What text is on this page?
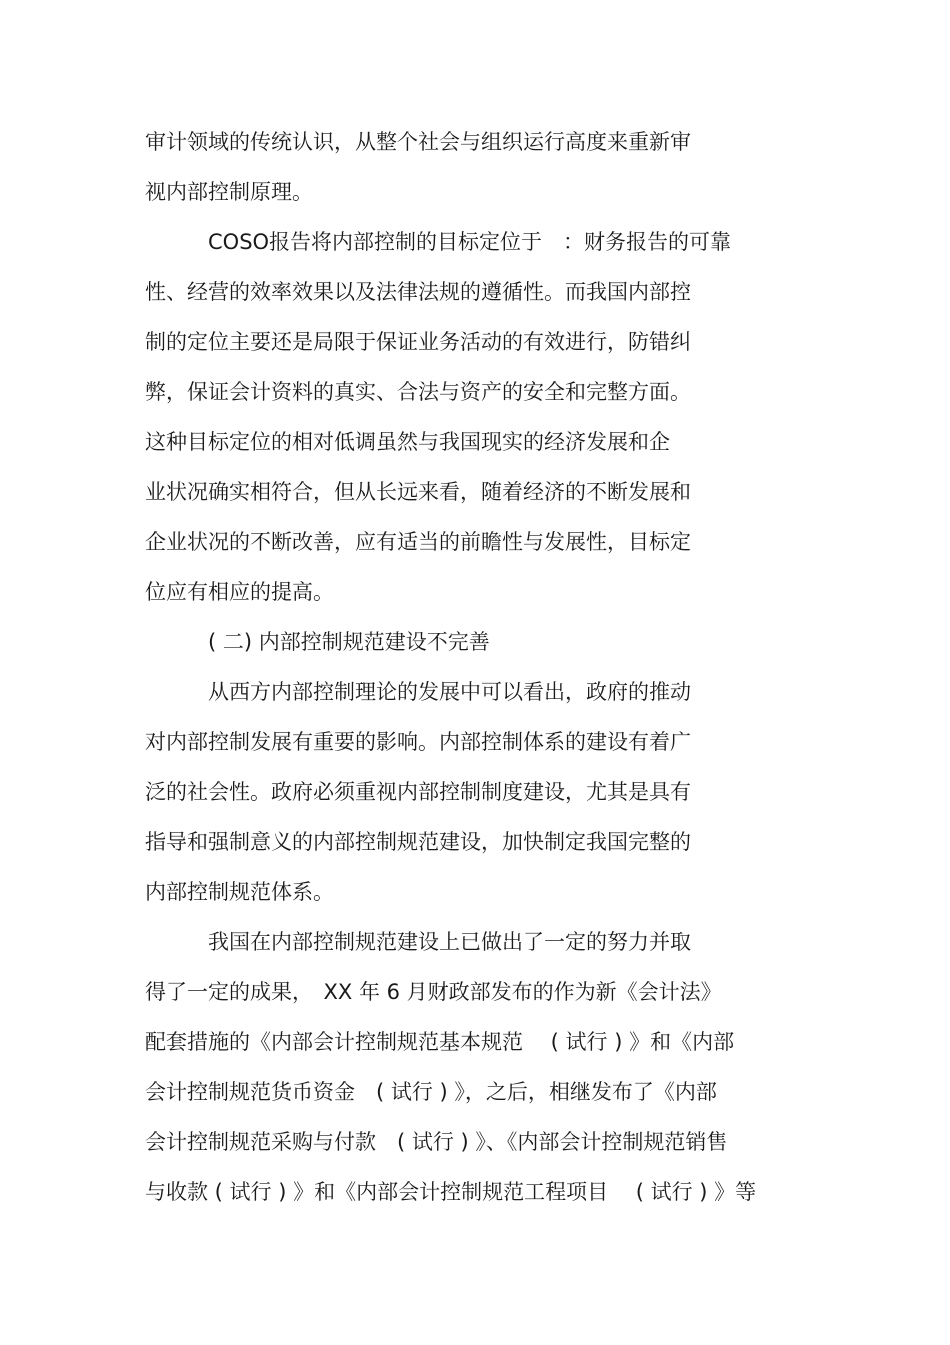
审计领域的传统认识，从整个社会与组织运行高度来重新审
视内部控制原理。
COSO报告将内部控制的目标定位于　：财务报告的可靠
性、经营的效率效果以及法律法规的遵循性。而我国内部控
制的定位主要还是局限于保证业务活动的有效进行，防错纠
弊，保证会计资料的真实、合法与资产的安全和完整方面。
这种目标定位的相对低调虽然与我国现实的经济发展和企
业状况确实相符合，但从长远来看，随着经济的不断发展和
企业状况的不断改善，应有适当的前瞻性与发展性，目标定
位应有相应的提高。
( 二) 内部控制规范建设不完善
从西方内部控制理论的发展中可以看出，政府的推动
对内部控制发展有重要的影响。内部控制体系的建设有着广
泛的社会性。政府必须重视内部控制制度建设，尤其是具有
指导和强制意义的内部控制规范建设，加快制定我国完整的
内部控制规范体系。
我国在内部控制规范建设上已做出了一定的努力并取
得了一定的成果，　XX 年 6 月财政部发布的作为新《会计法》
配套措施的《内部会计控制规范基本规范　 ( 试行 ) 》和《内部
会计控制规范货币资金　( 试行 ) 》，之后，相继发布了《内部
会计控制规范采购与付款　( 试行 ) 》、《内部会计控制规范销售
与收款 ( 试行 ) 》和《内部会计控制规范工程项目　 ( 试行 ) 》等
